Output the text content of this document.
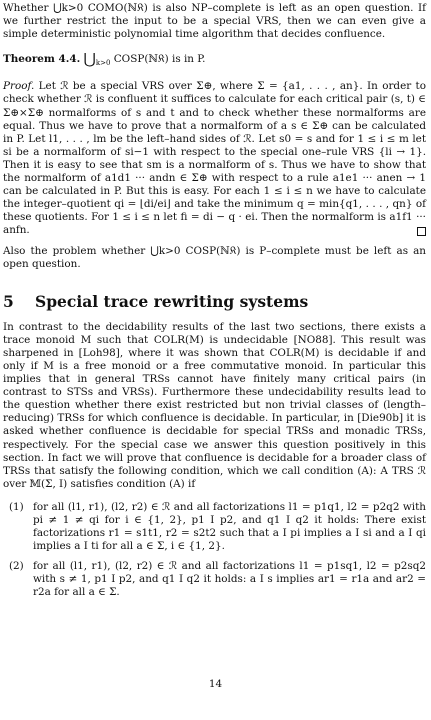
Whether ⋃k>0 COMO(ℕ𝔎) is also NP–complete is left as an open question. If we further restrict the input to be a special VRS, then we can even give a simple deterministic polynomial time algorithm that decides confluence.

Theorem 4.4. $⋃_{k>0}$ COSP(ℕ𝔎) is in P.

Proof. Let ℛ be a special VRS over Σ⊕, where Σ = {a1, . . . , an}. In order to check whether ℛ is confluent it suffices to calculate for each critical pair (s, t) ∈ Σ⊕×Σ⊕ normalforms of s and t and to check whether these normalforms are equal. Thus we have to prove that a normalform of a s ∈ Σ⊕ can be calculated in P. Let l1, . . . , lm be the left–hand sides of ℛ. Let s0 = s and for 1 ≤ i ≤ m let si be a normalform of si−1 with respect to the special one–rule VRS {li → 1}. Then it is easy to see that sm is a normalform of s. Thus we have to show that the normalform of a1d1 ··· andn ∈ Σ⊕ with respect to a rule a1e1 ··· anen → 1 can be calculated in P. But this is easy. For each 1 ≤ i ≤ n we have to calculate the integer–quotient qi = ⌊di/ei⌋ and take the minimum q = min{q1, . . . , qn} of these quotients. For 1 ≤ i ≤ n let fi = di − q · ei. Then the normalform is a1f1 ··· anfn.

Also the problem whether ⋃k>0 COSP(ℕ𝔎) is P–complete must be left as an open question.

5 Special trace rewriting systems

In contrast to the decidability results of the last two sections, there exists a trace monoid M such that COLR(M) is undecidable [NO88]. This result was sharpened in [Loh98], where it was shown that COLR(M) is decidable if and only if M is a free monoid or a free commutative monoid. In particular this implies that in general TRSs cannot have finitely many critical pairs (in contrast to STSs and VRSs). Furthermore these undecidability results lead to the question whether there exist restricted but non trivial classes of (length–reducing) TRSs for which confluence is decidable. In particular, in [Die90b] it is asked whether confluence is decidable for special TRSs and monadic TRSs, respectively. For the special case we answer this question positively in this section. In fact we will prove that confluence is decidable for a broader class of TRSs that satisfy the following condition, which we call condition (A): A TRS ℛ over 𝕄(Σ, I) satisfies condition (A) if

(1) for all (l1, r1), (l2, r2) ∈ ℛ and all factorizations l1 = p1q1, l2 = p2q2 with pi ≠ 1 ≠ qi for i ∈ {1, 2}, p1 I p2, and q1 I q2 it holds: There exist factorizations r1 = s1t1, r2 = s2t2 such that a I pi implies a I si and a I qi implies a I ti for all a ∈ Σ, i ∈ {1, 2}.
(2) for all (l1, r1), (l2, r2) ∈ ℛ and all factorizations l1 = p1sq1, l2 = p2sq2 with s ≠ 1, p1 I p2, and q1 I q2 it holds: a I s implies ar1 = r1a and ar2 = r2a for all a ∈ Σ.
14
